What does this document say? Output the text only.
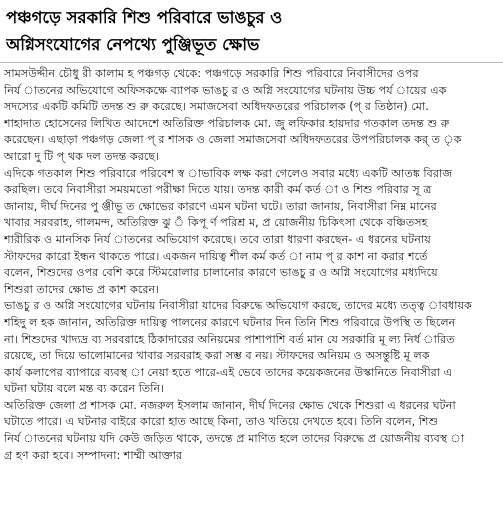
পঞ্চগড়ে সরকারি শিশু পরিবারে ভাঙচুর ও
অগ্নিসংযোগের নেপথ্যে পুঞ্জিভূত ক্ষোভ
সামসউদ্দীন চৌধু রী কালাম হ পঞ্চগড় থেকে: পঞ্চগড়ে সরকারি শিশু পরিবারে নিবাসীদের ওপর
নির্য াতনের অভিযোগে অফিসকক্ষে ব্যাপক ভাঙচু র ও অগ্নি সংযোগের ঘটনায় উচ্চ পর্য ায়ের এক
সদস্যের একটি কমিটি তদন্ত শু রু করেছে। সমাজসেবা অধিদফতরের পরিচালক (প্ র তিষ্ঠান) মো.
শাহাদাত হোসেনের লিখিত আদেশে অতিরিক্ত পরিচালক মো. জু লফিকার হায়দার গতকাল তদন্ত শু রু
করেছেন। এছাড়া পঞ্চগড় জেলা প্ র শাসক ও জেলা সমাজসেবা অধিদফতরের উপপরিচালক কর্ ত ৃক
আরো দু টি প্ থক দল তদন্ত করছে।
এদিকে গতকাল শিশু পরিবারে পরিবেশ স্ব াভাবিক লক্ষ করা গেলেও সবার মধ্যে একটি আতঙ্ক বিরাজ
করছিল। তবে নিবাসীরা সময়মতো পরীক্ষা দিতে যায়। তদন্ত কারী কর্ম কর্ত া ও শিশু পরিবার সূ ত্র
জানায়, দীর্ঘ দিনের পু ঞ্জীভূ ত ক্ষোভের কারণে এমন ঘটনা ঘটে। তারা জানায়, নিবাসীরা নিম্ন মানের
খাবার সরবরাহ, গালমন্দ, অতিরিক্ত ঝু ঁ কিপূ র্ণ পরিশ্র ম, প্র য়োজনীয় চিকিৎসা থেকে বঞ্চিতসহ
শারীরিক ও মানসিক নির্য াতনের অভিযোগ করেছে। তবে তারা ধারণা করছেন- এ ধরনের ঘটনায়
স্টাফদের কারো ইন্ধন থাকতে পারে। একজন দায়িত্ব শীল কর্ম কর্ত া নাম প্ র কাশ না করার শর্তে
বলেন, শিশুদের ওপর বেশি করে স্টিমরোলার চালানোর কারণে ভাঙচু র ও অগ্নি সংযোগের মধ্যদিয়ে
শিশুরা তাদের ক্ষোভ প্র কাশ করেন।
ভাঙচু র ও অগ্নি সংযোগের ঘটনায় নিবাসীরা যাদের বিরুদ্ধে অভিযোগ করছে, তাদের মধ্যে তত্ত্ব াবধায়ক
শহিদু ল হক জানান, অতিরিক্ত দায়িত্ব পালনের কারণে ঘটনার দিন তিনি শিশু পরিবারে উপস্থি ত ছিলেন
না। শিশুদের খাদ্যদ্র ব্য সরবরাহে ঠিকাদারের অনিয়মের পাশাপাশি বর্ত মান যে সরকারি মূ ল্য নির্ধ ারিত
রয়েছে, তা দিয়ে ভালোমানের খাবার সরবরাহ করা সম্ভ ব নয়। স্টাফদের অনিয়ম ও অসন্তুষ্টি মূ লক
কার্য কলাপের ব্যাপারে ব্যবস্থ া নেয়া হতে পারে-এই ভেবে তাদের কয়েকজনের উস্কানিতে নিবাসীরা এ
ঘটনা ঘটায় বলে মন্ত ব্য করেন তিনি।
অতিরিক্ত জেলা প্র শাসক মো. নজরুল ইসলাম জানান, দীর্ঘ দিনের ক্ষোভ থেকে শিশুরা এ ধরনের ঘটনা
ঘটাতে পারে। এ ঘটনার বাইরে কারো হাত আছে কিনা, তাও খতিয়ে দেখতে হবে। তিনি বলেন, শিশু
নির্য াতনের ঘটনায় যদি কেউ জড়িত থাকে, তদন্তে প্র মাণিত হলে তাদের বিরুদ্ধে প্র য়োজনীয় ব্যবস্থ া
গ্র হণ করা হবে। সম্পাদনা: শাম্মী আক্তার
